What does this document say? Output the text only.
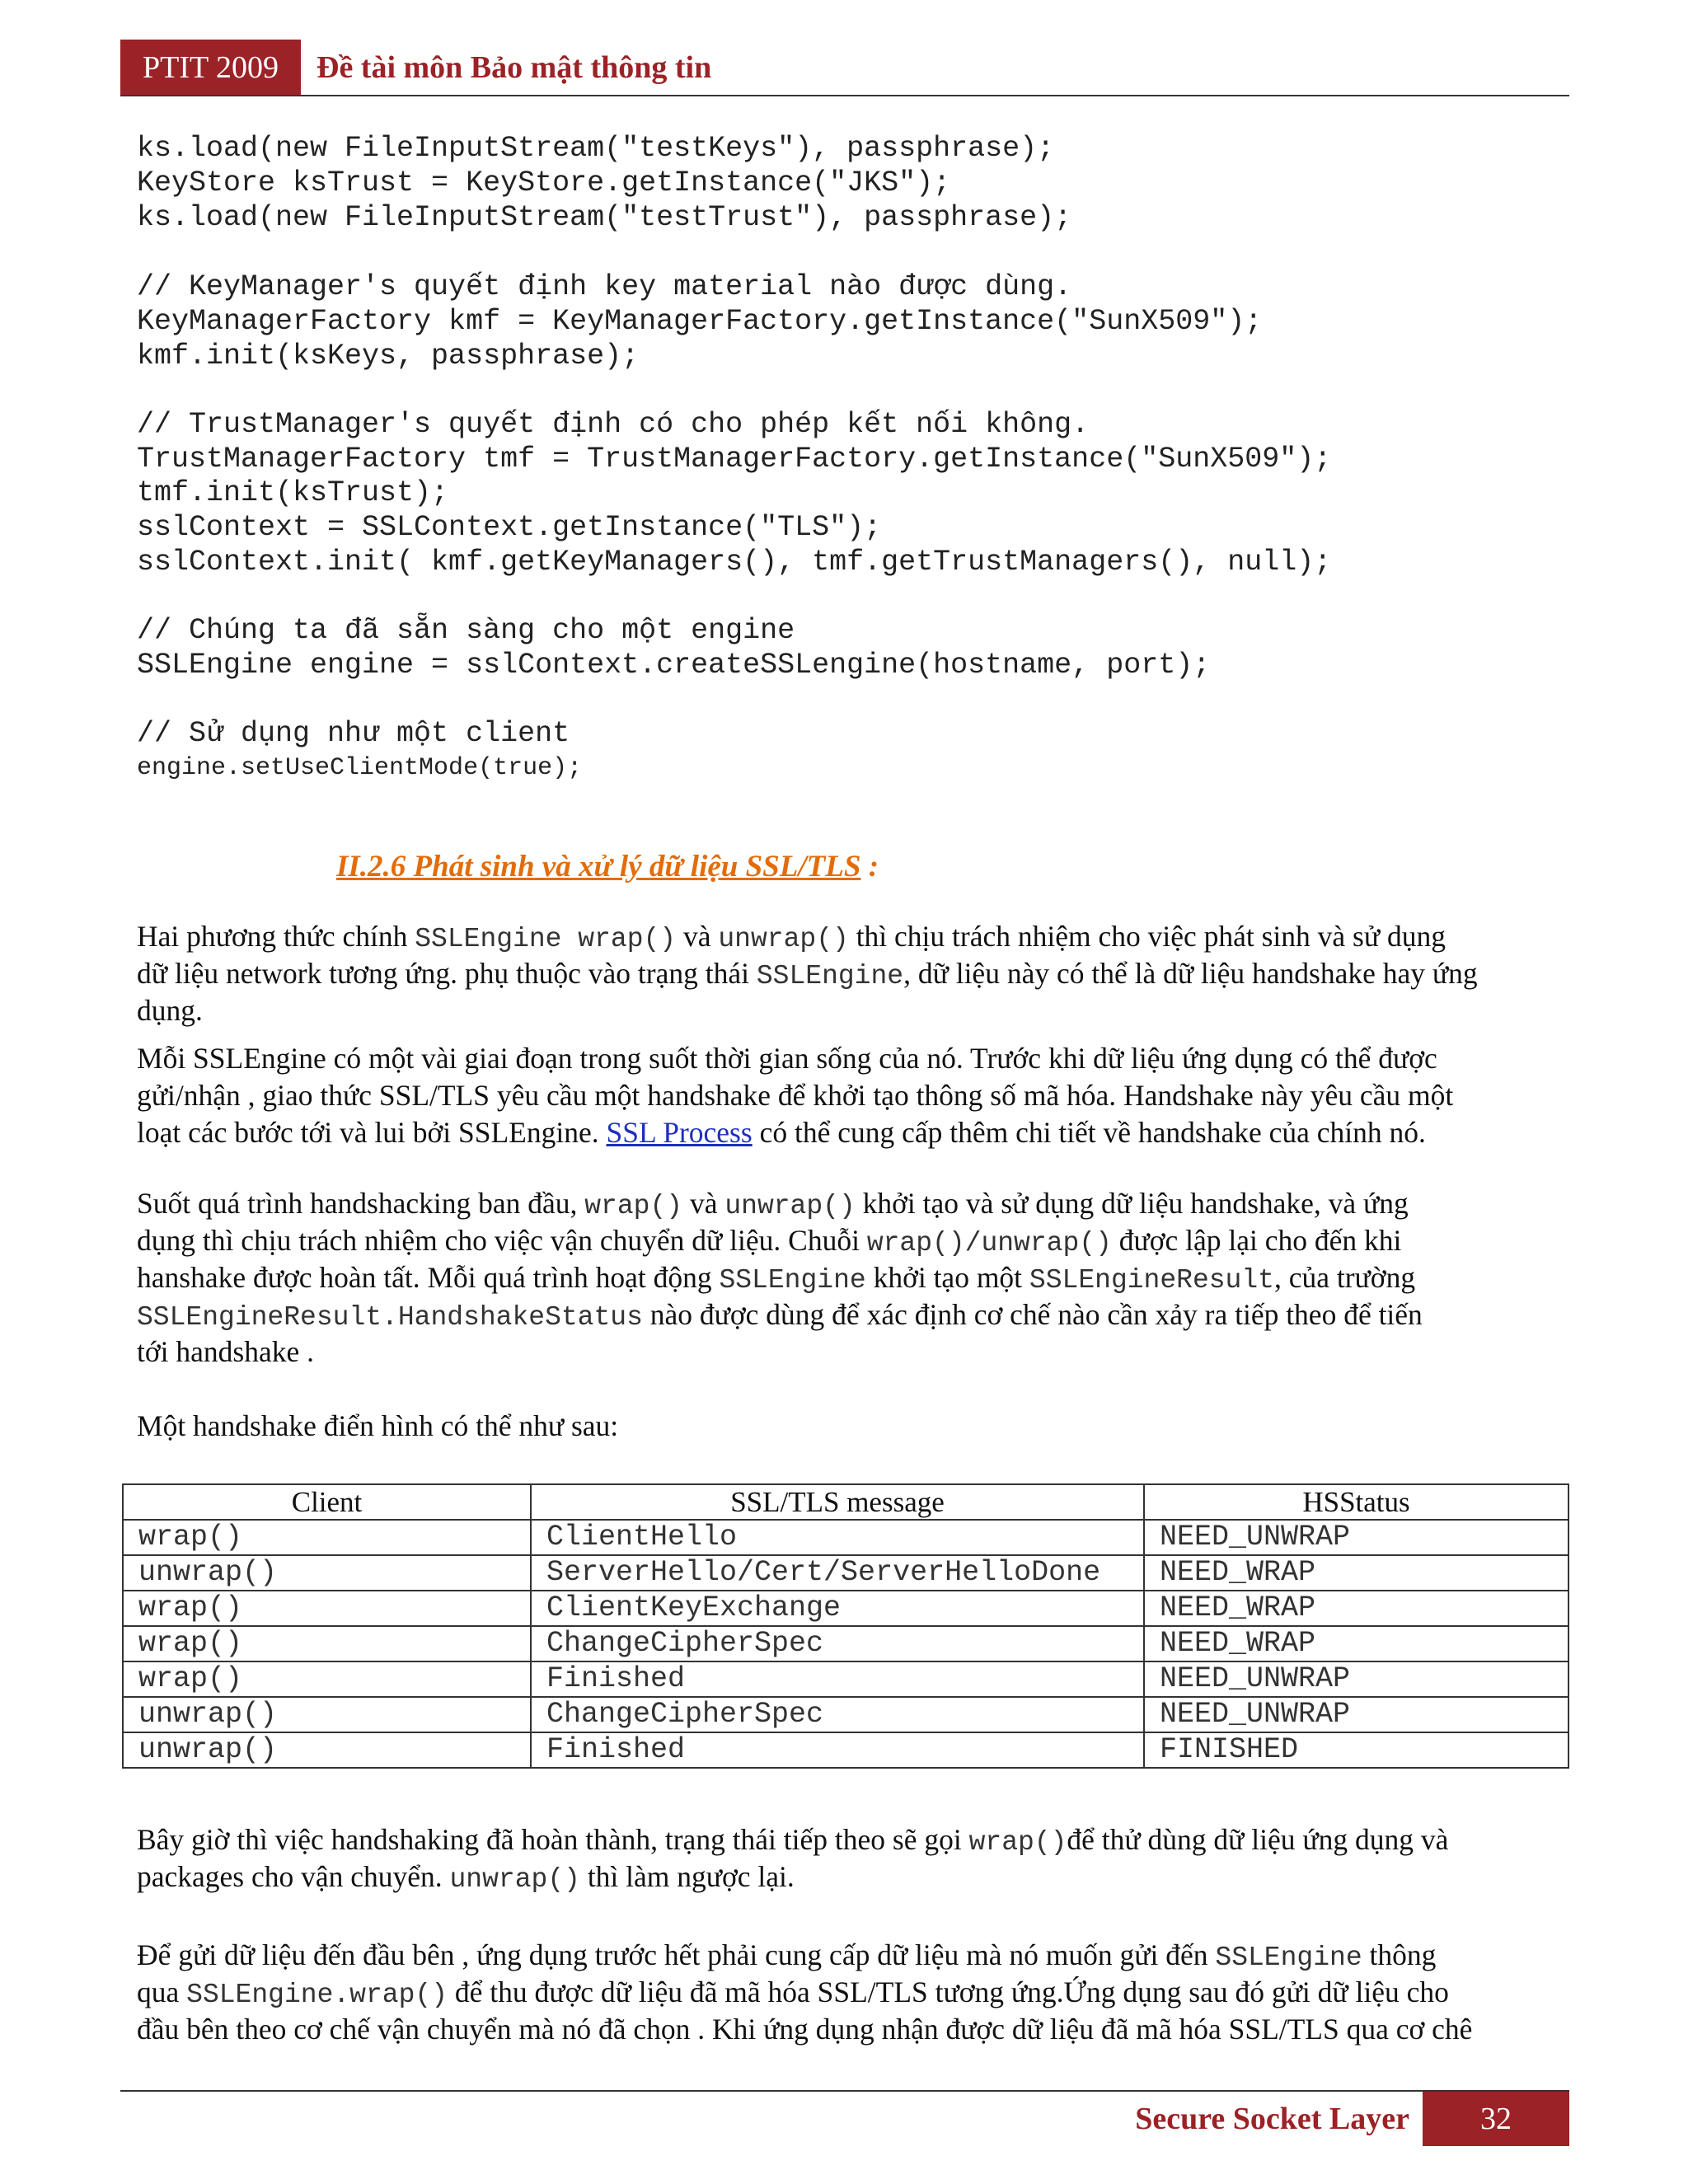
PTIT 2009	Đề tài môn Bảo mật thông tin
ks.load(new FileInputStream("testKeys"), passphrase);
KeyStore ksTrust = KeyStore.getInstance("JKS");
ks.load(new FileInputStream("testTrust"), passphrase);
// KeyManager's quyết định key material nào được dùng.
KeyManagerFactory kmf = KeyManagerFactory.getInstance("SunX509");
kmf.init(ksKeys, passphrase);
// TrustManager's quyết định có cho phép kết nối không.
TrustManagerFactory tmf = TrustManagerFactory.getInstance("SunX509");
tmf.init(ksTrust);
sslContext = SSLContext.getInstance("TLS");
sslContext.init( kmf.getKeyManagers(), tmf.getTrustManagers(), null);
// Chúng ta đã sẵn sàng cho một engine
SSLEngine engine = sslContext.createSSLengine(hostname, port);
// Sử dụng như một client
engine.setUseClientMode(true);
II.2.6 Phát sinh và xử lý dữ liệu SSL/TLS :
Hai phương thức chính SSLEngine wrap() và unwrap() thì chịu trách nhiệm cho việc phát sinh và sử dụng
dữ liệu network tương ứng. phụ thuộc vào trạng thái SSLEngine, dữ liệu này có thể là dữ liệu handshake hay ứng
dụng.
Mỗi SSLEngine có một vài giai đoạn trong suốt thời gian sống của nó. Trước khi dữ liệu ứng dụng có thể được
gửi/nhận , giao thức SSL/TLS yêu cầu một handshake để khởi tạo thông số mã hóa. Handshake này yêu cầu một
loạt các bước tới và lui bởi SSLEngine. SSL Process có thể cung cấp thêm chi tiết về handshake của chính nó.
Suốt quá trình handshacking ban đầu, wrap() và unwrap() khởi tạo và sử dụng dữ liệu handshake, và ứng
dụng thì chịu trách nhiệm cho việc vận chuyển dữ liệu. Chuỗi wrap()/unwrap() được lập lại cho đến khi
hanshake được hoàn tất. Mỗi quá trình hoạt động SSLEngine khởi tạo một SSLEngineResult, của trường
SSLEngineResult.HandshakeStatus nào được dùng để xác định cơ chế nào cần xảy ra tiếp theo để tiến
tới handshake .
Một handshake điển hình có thể như sau:
Client	SSL/TLS message	HSStatus
wrap()	ClientHello	NEED_UNWRAP
unwrap()	ServerHello/Cert/ServerHelloDone	NEED_WRAP
wrap()	ClientKeyExchange	NEED_WRAP
wrap()	ChangeCipherSpec	NEED_WRAP
wrap()	Finished	NEED_UNWRAP
unwrap()	ChangeCipherSpec	NEED_UNWRAP
unwrap()	Finished	FINISHED
Bây giờ thì việc handshaking đã hoàn thành, trạng thái tiếp theo sẽ gọi wrap()để thử dùng dữ liệu ứng dụng và
packages cho vận chuyển. unwrap() thì làm ngược lại.
Để gửi dữ liệu đến đầu bên , ứng dụng trước hết phải cung cấp dữ liệu mà nó muốn gửi đến SSLEngine thông
qua SSLEngine.wrap() để thu được dữ liệu đã mã hóa SSL/TLS tương ứng.Ứng dụng sau đó gửi dữ liệu cho
đầu bên theo cơ chế vận chuyển mà nó đã chọn . Khi ứng dụng nhận được dữ liệu đã mã hóa SSL/TLS qua cơ chê
Secure Socket Layer	32
